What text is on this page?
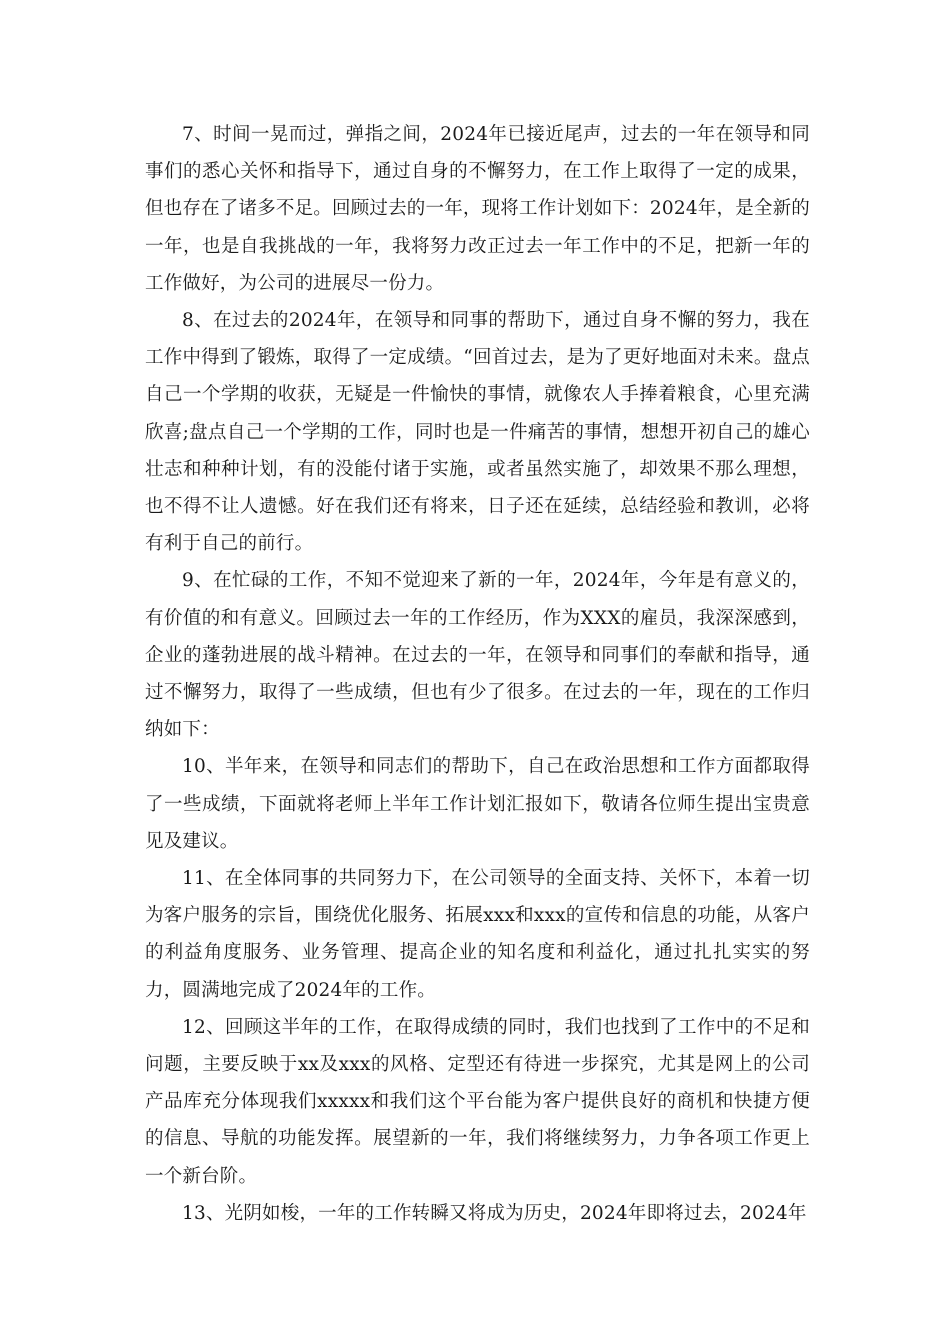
7、时间一晃而过，弹指之间，2024年已接近尾声，过去的一年在领导和同事们的悉心关怀和指导下，通过自身的不懈努力，在工作上取得了一定的成果，但也存在了诸多不足。回顾过去的一年，现将工作计划如下：2024年，是全新的一年，也是自我挑战的一年，我将努力改正过去一年工作中的不足，把新一年的工作做好，为公司的进展尽一份力。

8、在过去的2024年，在领导和同事的帮助下，通过自身不懈的努力，我在工作中得到了锻炼，取得了一定成绩。“回首过去，是为了更好地面对未来。盘点自己一个学期的收获，无疑是一件愉快的事情，就像农人手捧着粮食，心里充满欣喜;盘点自己一个学期的工作，同时也是一件痛苦的事情，想想开初自己的雄心壮志和种种计划，有的没能付诸于实施，或者虽然实施了，却效果不那么理想，也不得不让人遗憾。好在我们还有将来，日子还在延续，总结经验和教训，必将有利于自己的前行。

9、在忙碌的工作，不知不觉迎来了新的一年，2024年，今年是有意义的，有价值的和有意义。回顾过去一年的工作经历，作为XXX的雇员，我深深感到，企业的蓬勃进展的战斗精神。在过去的一年，在领导和同事们的奉献和指导，通过不懈努力，取得了一些成绩，但也有少了很多。在过去的一年，现在的工作归纳如下：

10、半年来，在领导和同志们的帮助下，自己在政治思想和工作方面都取得了一些成绩，下面就将老师上半年工作计划汇报如下，敬请各位师生提出宝贵意见及建议。

11、在全体同事的共同努力下，在公司领导的全面支持、关怀下，本着一切为客户服务的宗旨，围绕优化服务、拓展xxx和xxx的宣传和信息的功能，从客户的利益角度服务、业务管理、提高企业的知名度和利益化，通过扎扎实实的努力，圆满地完成了2024年的工作。

12、回顾这半年的工作，在取得成绩的同时，我们也找到了工作中的不足和问题，主要反映于xx及xxx的风格、定型还有待进一步探究，尤其是网上的公司产品库充分体现我们xxxxx和我们这个平台能为客户提供良好的商机和快捷方便的信息、导航的功能发挥。展望新的一年，我们将继续努力，力争各项工作更上一个新台阶。

13、光阴如梭，一年的工作转瞬又将成为历史，2024年即将过去，2024年
